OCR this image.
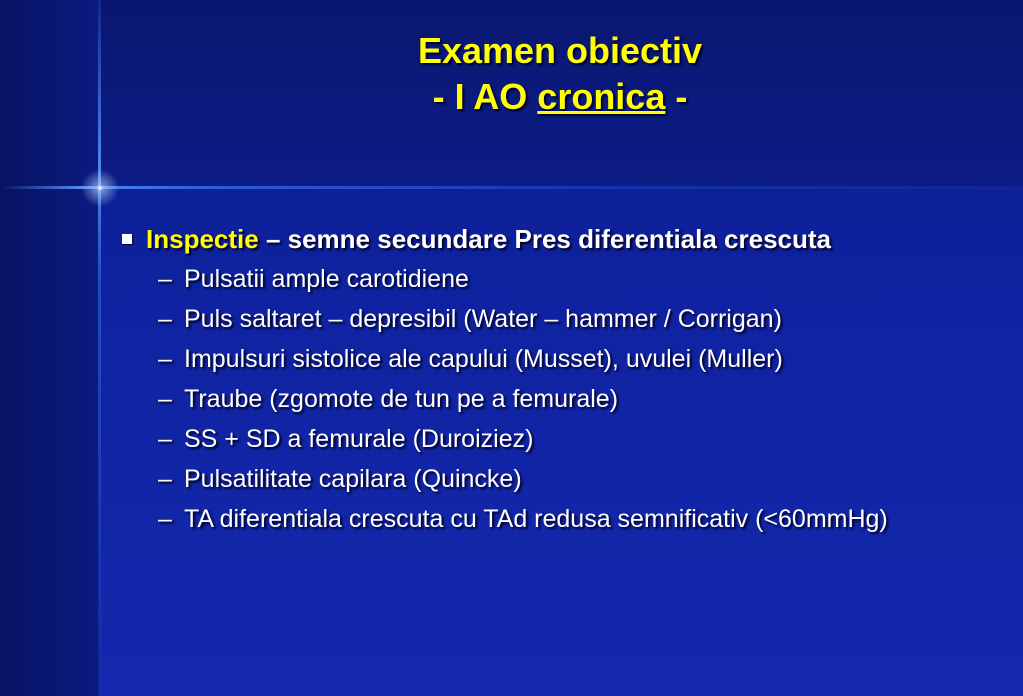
Examen obiectiv
- I AO cronica -
Inspectie – semne secundare Pres diferentiala crescuta
– Pulsatii ample carotidiene
– Puls saltaret – depresibil (Water – hammer / Corrigan)
– Impulsuri sistolice ale capului (Musset), uvulei (Muller)
– Traube (zgomote de tun pe a femurale)
– SS + SD a femurale (Duroiziez)
– Pulsatilitate capilara (Quincke)
– TA diferentiala crescuta cu TAd redusa semnificativ (<60mmHg)
